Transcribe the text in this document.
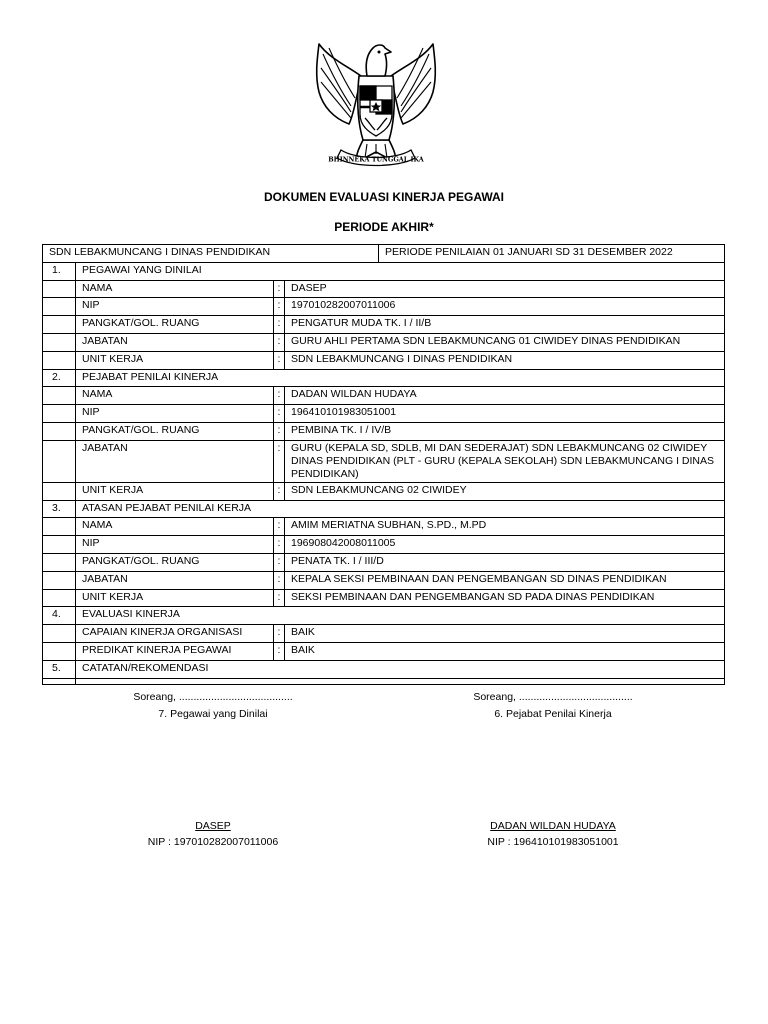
BHINNEKA TUNGGAL IKA
DOKUMEN EVALUASI KINERJA PEGAWAI
PERIODE AKHIR*
SDN LEBAKMUNCANG I DINAS PENDIDIKAN				PERIODE PENILAIAN 01 JANUARI SD 31 DESEMBER 2022
1.	PEGAWAI YANG DINILAI			
	NAMA	:	DASEP	
	NIP	:	197010282007011006	
	PANGKAT/GOL. RUANG	:	PENGATUR MUDA TK. I / II/B	
	JABATAN	:	GURU AHLI PERTAMA SDN LEBAKMUNCANG 01 CIWIDEY DINAS PENDIDIKAN	
	UNIT KERJA	:	SDN LEBAKMUNCANG I DINAS PENDIDIKAN	
2.	PEJABAT PENILAI KINERJA			
	NAMA	:	DADAN WILDAN HUDAYA	
	NIP	:	196410101983051001	
	PANGKAT/GOL. RUANG	:	PEMBINA TK. I / IV/B	
	JABATAN	:	GURU (KEPALA SD, SDLB, MI DAN SEDERAJAT) SDN LEBAKMUNCANG 02 CIWIDEY DINAS PENDIDIKAN (PLT - GURU (KEPALA SEKOLAH) SDN LEBAKMUNCANG I DINAS PENDIDIKAN)	
	UNIT KERJA	:	SDN LEBAKMUNCANG 02 CIWIDEY	
3.	ATASAN PEJABAT PENILAI KERJA			
	NAMA	:	AMIM MERIATNA SUBHAN, S.PD., M.PD	
	NIP	:	196908042008011005	
	PANGKAT/GOL. RUANG	:	PENATA TK. I / III/D	
	JABATAN	:	KEPALA SEKSI PEMBINAAN DAN PENGEMBANGAN SD DINAS PENDIDIKAN	
	UNIT KERJA	:	SEKSI PEMBINAAN DAN PENGEMBANGAN SD PADA DINAS PENDIDIKAN	
4.	EVALUASI KINERJA			
	CAPAIAN KINERJA ORGANISASI	:	BAIK	
	PREDIKAT KINERJA PEGAWAI	:	BAIK	
5.	CATATAN/REKOMENDASI			

Soreang, .......................................
7. Pegawai yang Dinilai
DASEP
NIP : 197010282007011006
Soreang, .......................................
6. Pejabat Penilai Kinerja
DADAN WILDAN HUDAYA
NIP : 196410101983051001
